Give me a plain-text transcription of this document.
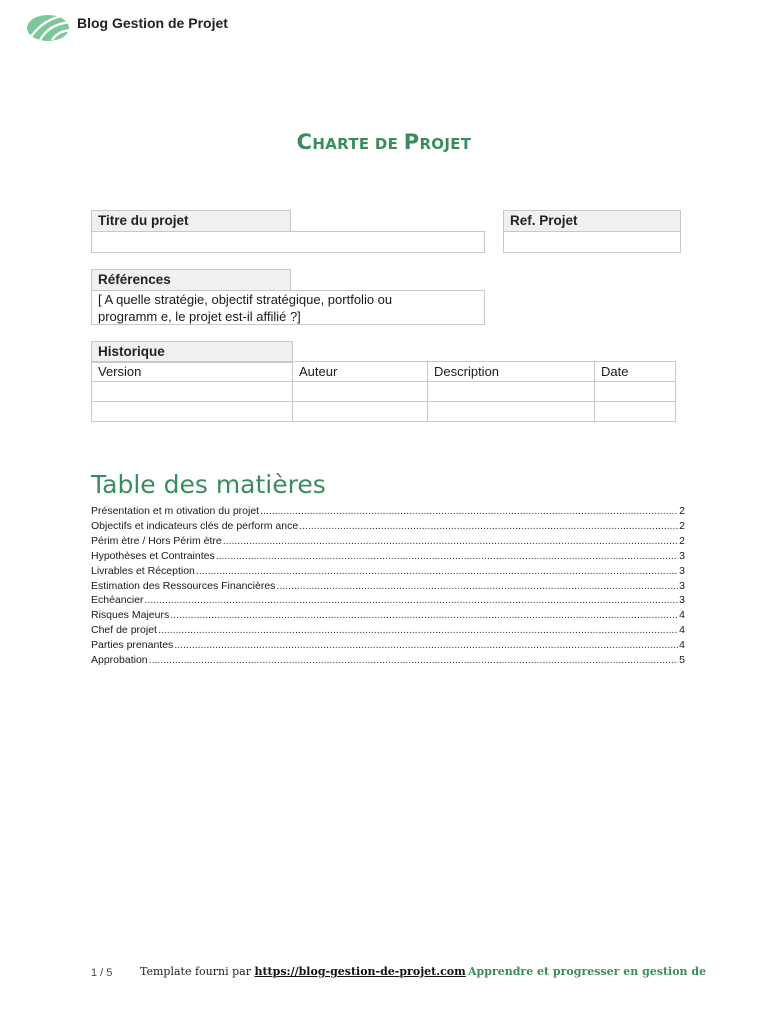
Blog Gestion de Projet
CHARTE DE PROJET
Titre du projet	Ref. Projet
Références
[ A quelle stratégie, objectif stratégique, portfolio ou
programm e, le projet est-il affilié ?]
Historique
Version	Auteur	Description	Date

Table des matières
Présentation et m otivation du projet .....	2
Objectifs et indicateurs clés de perform ance .....	2
Périm ètre / Hors Périm ètre .....	2
Hypothèses et Contraintes .....	3
Livrables et Réception .....	3
Estimation des Ressources Financières .....	3
Echéancier .....	3
Risques Majeurs .....	4
Chef de projet .....	4
Parties prenantes .....	4
Approbation .....	5
1 / 5	Template fourni par https://blog-gestion-de-projet.com Apprendre et progresser en gestion de
